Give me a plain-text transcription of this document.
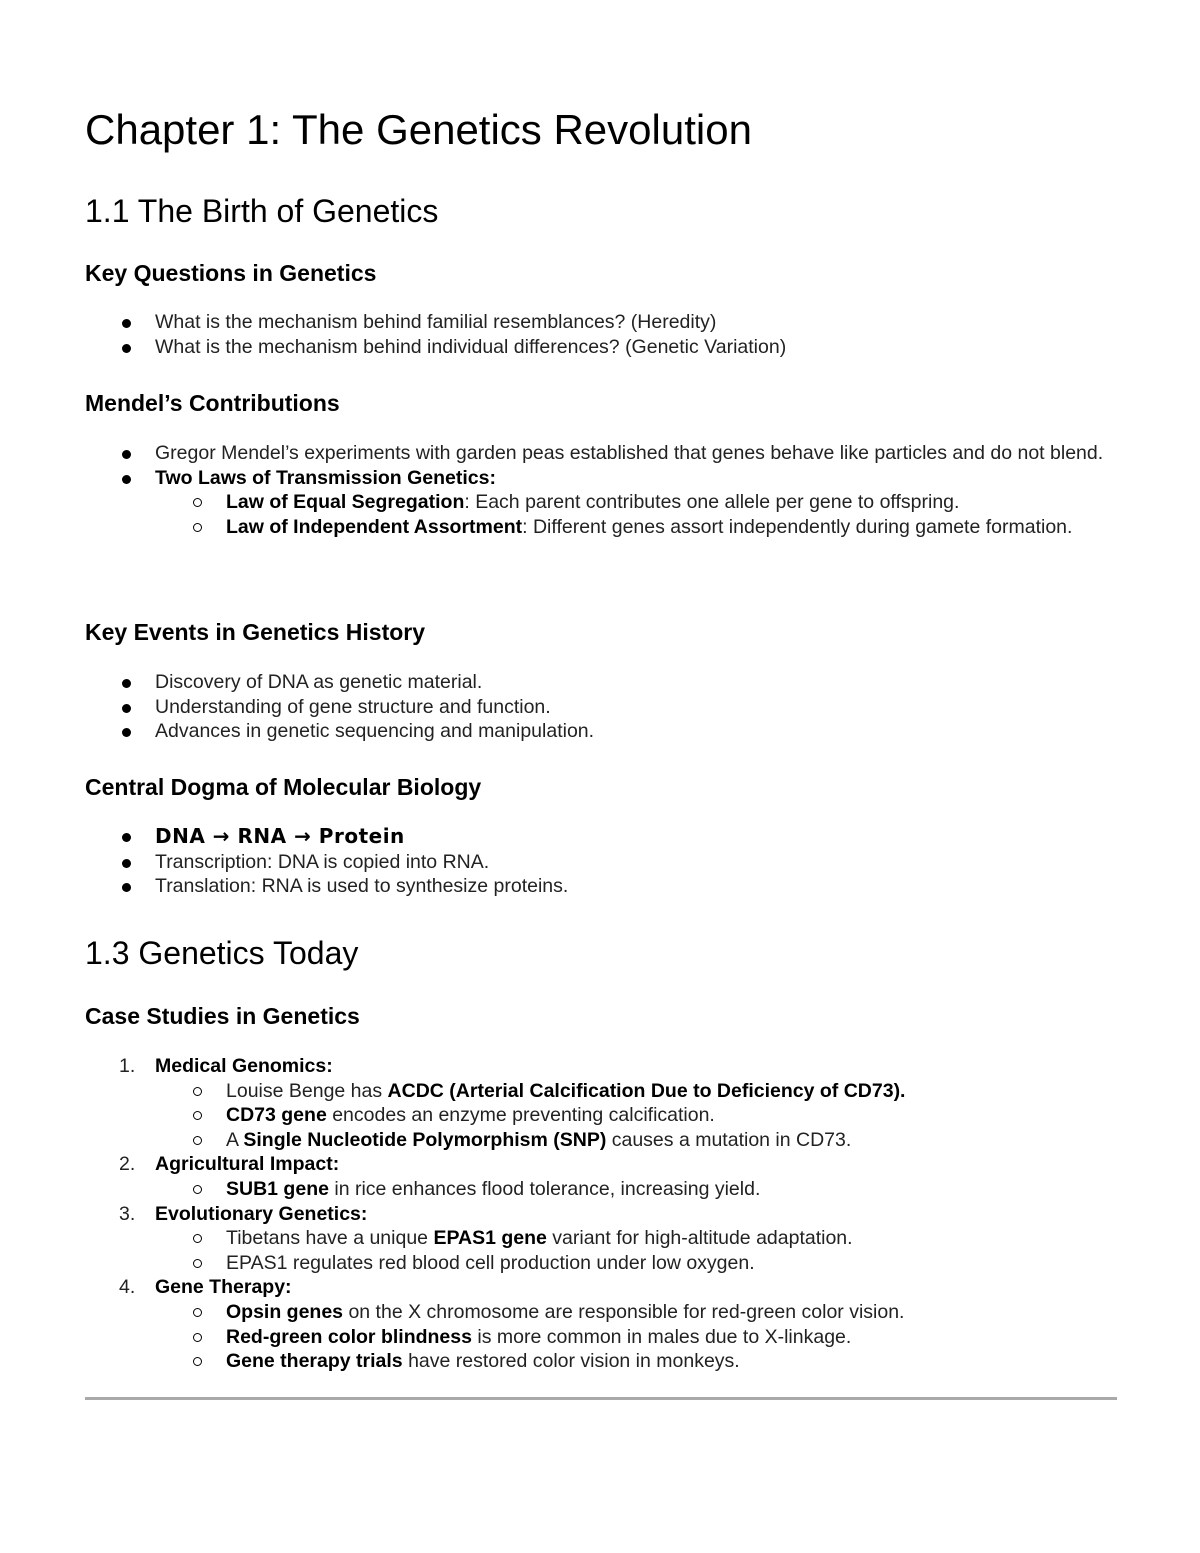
Chapter 1: The Genetics Revolution
1.1 The Birth of Genetics
Key Questions in Genetics
What is the mechanism behind familial resemblances? (Heredity)
What is the mechanism behind individual differences? (Genetic Variation)
Mendel’s Contributions
Gregor Mendel’s experiments with garden peas established that genes behave like particles and do not blend.
Two Laws of Transmission Genetics:
Law of Equal Segregation: Each parent contributes one allele per gene to offspring.
Law of Independent Assortment: Different genes assort independently during gamete formation.
Key Events in Genetics History
Discovery of DNA as genetic material.
Understanding of gene structure and function.
Advances in genetic sequencing and manipulation.
Central Dogma of Molecular Biology
DNA → RNA → Protein
Transcription: DNA is copied into RNA.
Translation: RNA is used to synthesize proteins.
1.3 Genetics Today
Case Studies in Genetics
1. Medical Genomics:
Louise Benge has ACDC (Arterial Calcification Due to Deficiency of CD73).
CD73 gene encodes an enzyme preventing calcification.
A Single Nucleotide Polymorphism (SNP) causes a mutation in CD73.
2. Agricultural Impact:
SUB1 gene in rice enhances flood tolerance, increasing yield.
3. Evolutionary Genetics:
Tibetans have a unique EPAS1 gene variant for high-altitude adaptation.
EPAS1 regulates red blood cell production under low oxygen.
4. Gene Therapy:
Opsin genes on the X chromosome are responsible for red-green color vision.
Red-green color blindness is more common in males due to X-linkage.
Gene therapy trials have restored color vision in monkeys.
